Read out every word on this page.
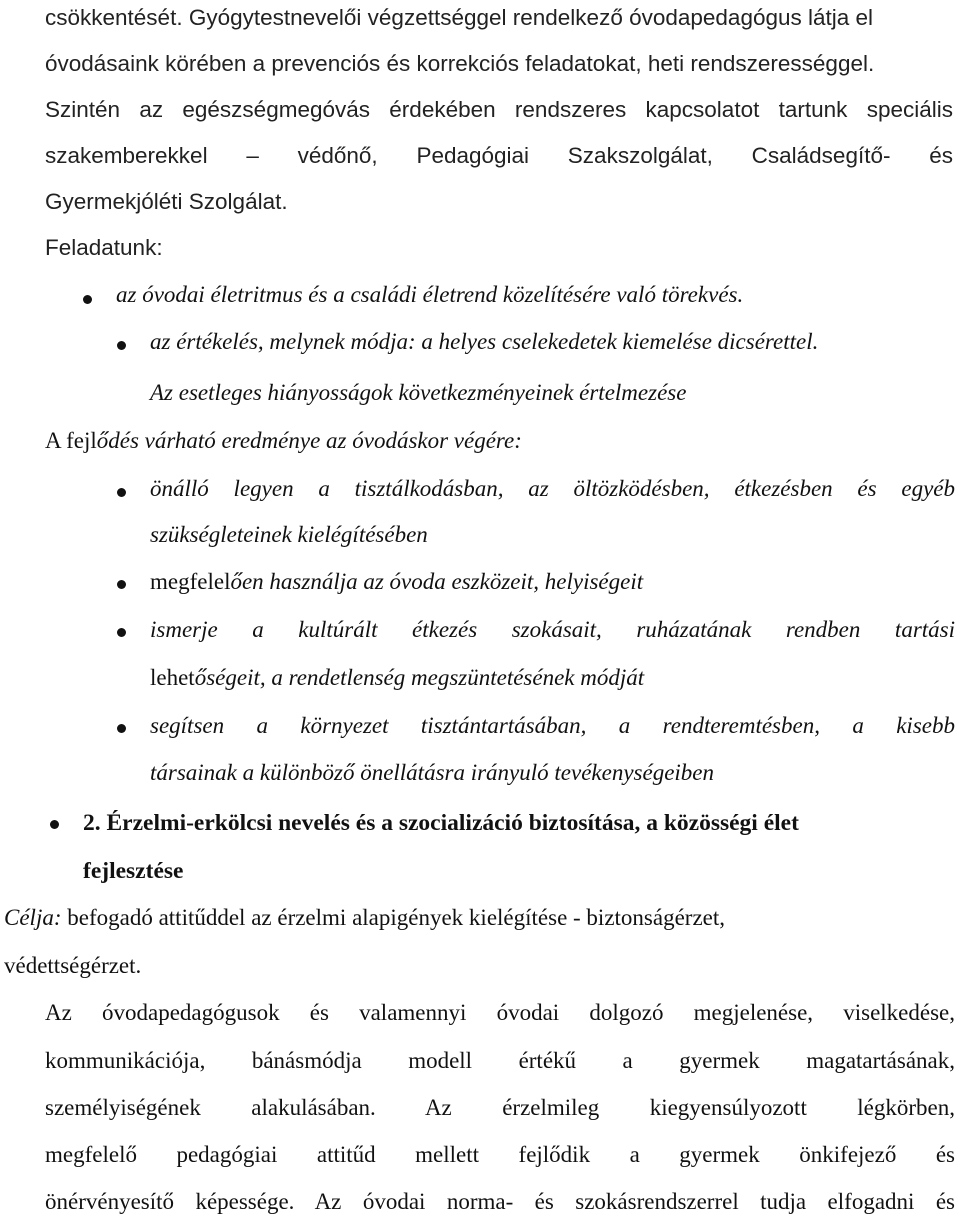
csökkentését. Gyógytestnevelői végzettséggel rendelkező óvodapedagógus látja el
óvodásaink körében a prevenciós és korrekciós feladatokat, heti rendszerességgel.
Szintén az egészségmegóvás érdekében rendszeres kapcsolatot tartunk speciális
szakemberekkel – védőnő, Pedagógiai Szakszolgálat, Családsegítő- és
Gyermekjóléti Szolgálat.
Feladatunk:
az óvodai életritmus és a családi életrend közelítésére való törekvés.
az értékelés, melynek módja: a helyes cselekedetek kiemelése dicsérettel.
Az esetleges hiányosságok következményeinek értelmezése
A fejlődés várható eredménye az óvodáskor végére:
önálló legyen a tisztálkodásban, az öltözködésben, étkezésben és egyéb
szükségleteinek kielégítésében
megfelelően használja az óvoda eszközeit, helyiségeit
ismerje a kultúrált étkezés szokásait, ruházatának rendben tartási
lehetőségeit, a rendetlenség megszüntetésének módját
segítsen a környezet tisztántartásában, a rendteremtésben, a kisebb
társainak a különböző önellátásra irányuló tevékenységeiben
2. Érzelmi-erkölcsi nevelés és a szocializáció biztosítása, a közösségi élet
fejlesztése
Célja: befogadó attitűddel az érzelmi alapigények kielégítése - biztonságérzet,
védettségérzet.
Az óvodapedagógusok és valamennyi óvodai dolgozó megjelenése, viselkedése,
kommunikációja, bánásmódja modell értékű a gyermek magatartásának,
személyiségének alakulásában. Az érzelmileg kiegyensúlyozott légkörben,
megfelelő pedagógiai attitűd mellett fejlődik a gyermek önkifejező és
önérvényesítő képessége. Az óvodai norma- és szokásrendszerrel tudja elfogadni és
